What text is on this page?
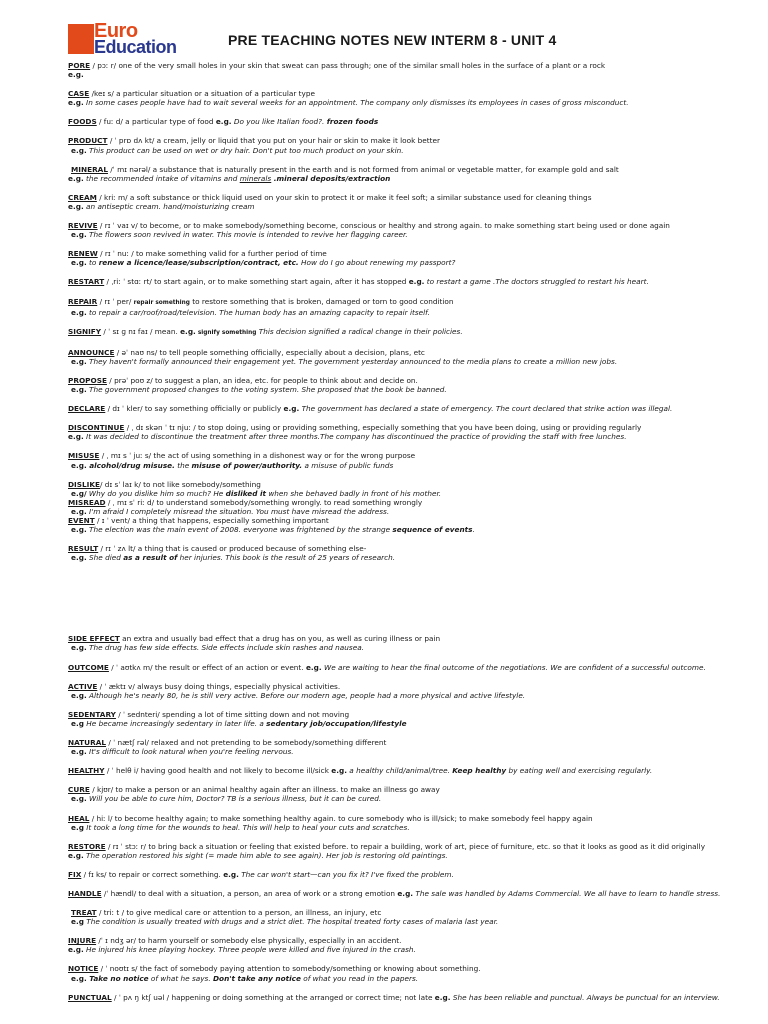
Euro
Education	PRE TEACHING NOTES NEW INTERM 8 - UNIT 4
PORE / pɔː r/ one of the very small holes in your skin that sweat can pass through; one of the similar small holes in the surface of a plant or a rock
e.g.
CASE /keɪ s/ a particular situation or a situation of a particular type
e.g. In some cases people have had to wait several weeks for an appointment. The company only dismisses its employees in cases of gross misconduct.
FOODS / fuː d/ a particular type of food e.g. Do you like Italian food?. frozen foods
PRODUCT / ˈ prɒ dʌ kt/ a cream, jelly or liquid that you put on your hair or skin to make it look better
e.g. This product can be used on wet or dry hair. Don't put too much product on your skin.
MINERAL /ˈ mɪ nərəl/ a substance that is naturally present in the earth and is not formed from animal or vegetable matter, for example gold and salt
e.g. the recommended intake of vitamins and minerals .mineral deposits/extraction
CREAM / kriː m/ a soft substance or thick liquid used on your skin to protect it or make it feel soft; a similar substance used for cleaning things
e.g. an antiseptic cream. hand/moisturizing cream
REVIVE / rɪ ˈ vaɪ v/ to become, or to make somebody/something become, conscious or healthy and strong again. to make something start being used or done again
e.g. The flowers soon revived in water. This movie is intended to revive her flagging career.
RENEW / rɪ ˈ nuː / to make something valid for a further period of time
e.g. to renew a licence/lease/subscription/contract, etc. How do I go about renewing my passport?
RESTART / ˌriː ˈ stɑː rt/ to start again, or to make something start again, after it has stopped e.g. to restart a game .The doctors struggled to restart his heart.
REPAIR / rɪ ˈ per/ repair something to restore something that is broken, damaged or torn to good condition
e.g. to repair a car/roof/road/television. The human body has an amazing capacity to repair itself.
SIGNIFY / ˈ sɪ ɡ nɪ faɪ / mean. e.g. signify something This decision signified a radical change in their policies.
ANNOUNCE / əˈ naʊ ns/ to tell people something officially, especially about a decision, plans, etc
e.g. They haven't formally announced their engagement yet. The government yesterday announced to the media plans to create a million new jobs.
PROPOSE / prəˈ poʊ z/ to suggest a plan, an idea, etc. for people to think about and decide on.
e.g. The government proposed changes to the voting system. She proposed that the book be banned.
DECLARE / dɪ ˈ kler/ to say something officially or publicly e.g. The government has declared a state of emergency. The court declared that strike action was illegal.
DISCONTINUE / ˌ dɪ skən ˈ tɪ njuː / to stop doing, using or providing something, especially something that you have been doing, using or providing regularly
e.g. It was decided to discontinue the treatment after three months.The company has discontinued the practice of providing the staff with free lunches.
MISUSE / ˌ mɪ s ˈ juː s/ the act of using something in a dishonest way or for the wrong purpose
e.g. alcohol/drug misuse. the misuse of power/authority. a misuse of public funds
DISLIKE/ dɪ sˈ laɪ k/ to not like somebody/something
e.g/ Why do you dislike him so much? He disliked it when she behaved badly in front of his mother.
MISREAD / ˌ mɪ sˈ riː d/ to understand somebody/something wrongly. to read something wrongly
e.g. I'm afraid I completely misread the situation. You must have misread the address.
EVENT / ɪ ˈ vent/ a thing that happens, especially something important
e.g. The election was the main event of 2008. everyone was frightened by the strange sequence of events.
RESULT / rɪ ˈ zʌ lt/ a thing that is caused or produced because of something else-
e.g. She died as a result of her injuries. This book is the result of 25 years of research.
SIDE EFFECT an extra and usually bad effect that a drug has on you, as well as curing illness or pain
e.g. The drug has few side effects. Side effects include skin rashes and nausea.
OUTCOME / ˈ aʊtkʌ m/ the result or effect of an action or event. e.g. We are waiting to hear the final outcome of the negotiations. We are confident of a successful outcome.
ACTIVE / ˈ æktɪ v/ always busy doing things, especially physical activities.
e.g. Although he's nearly 80, he is still very active. Before our modern age, people had a more physical and active lifestyle.
SEDENTARY / ˈ sednteri/ spending a lot of time sitting down and not moving
e.g He became increasingly sedentary in later life. a sedentary job/occupation/lifestyle
NATURAL / ˈ nætʃ rəl/ relaxed and not pretending to be somebody/something different
e.g. It's difficult to look natural when you're feeling nervous.
HEALTHY / ˈ helθ i/ having good health and not likely to become ill/sick e.g. a healthy child/animal/tree. Keep healthy by eating well and exercising regularly.
CURE / kjʊr/ to make a person or an animal healthy again after an illness. to make an illness go away
e.g. Will you be able to cure him, Doctor? TB is a serious illness, but it can be cured.
HEAL / hiː l/ to become healthy again; to make something healthy again. to cure somebody who is ill/sick; to make somebody feel happy again
e.g It took a long time for the wounds to heal. This will help to heal your cuts and scratches.
RESTORE / rɪ ˈ stɔː r/ to bring back a situation or feeling that existed before. to repair a building, work of art, piece of furniture, etc. so that it looks as good as it did originally
e.g. The operation restored his sight (= made him able to see again). Her job is restoring old paintings.
FIX / fɪ ks/ to repair or correct something. e.g. The car won't start—can you fix it? I've fixed the problem.
HANDLE /ˈ hændl/ to deal with a situation, a person, an area of work or a strong emotion e.g. The sale was handled by Adams Commercial. We all have to learn to handle stress.
TREAT / triː t / to give medical care or attention to a person, an illness, an injury, etc
e.g The condition is usually treated with drugs and a strict diet. The hospital treated forty cases of malaria last year.
INJURE /ˈ ɪ ndʒ ər/ to harm yourself or somebody else physically, especially in an accident.
e.g. He injured his knee playing hockey. Three people were killed and five injured in the crash.
NOTICE / ˈ noʊtɪ s/ the fact of somebody paying attention to somebody/something or knowing about something.
e.g. Take no notice of what he says. Don't take any notice of what you read in the papers.
PUNCTUAL / ˈ pʌ ŋ ktʃ uəl / happening or doing something at the arranged or correct time; not late e.g. She has been reliable and punctual. Always be punctual for an interview.
